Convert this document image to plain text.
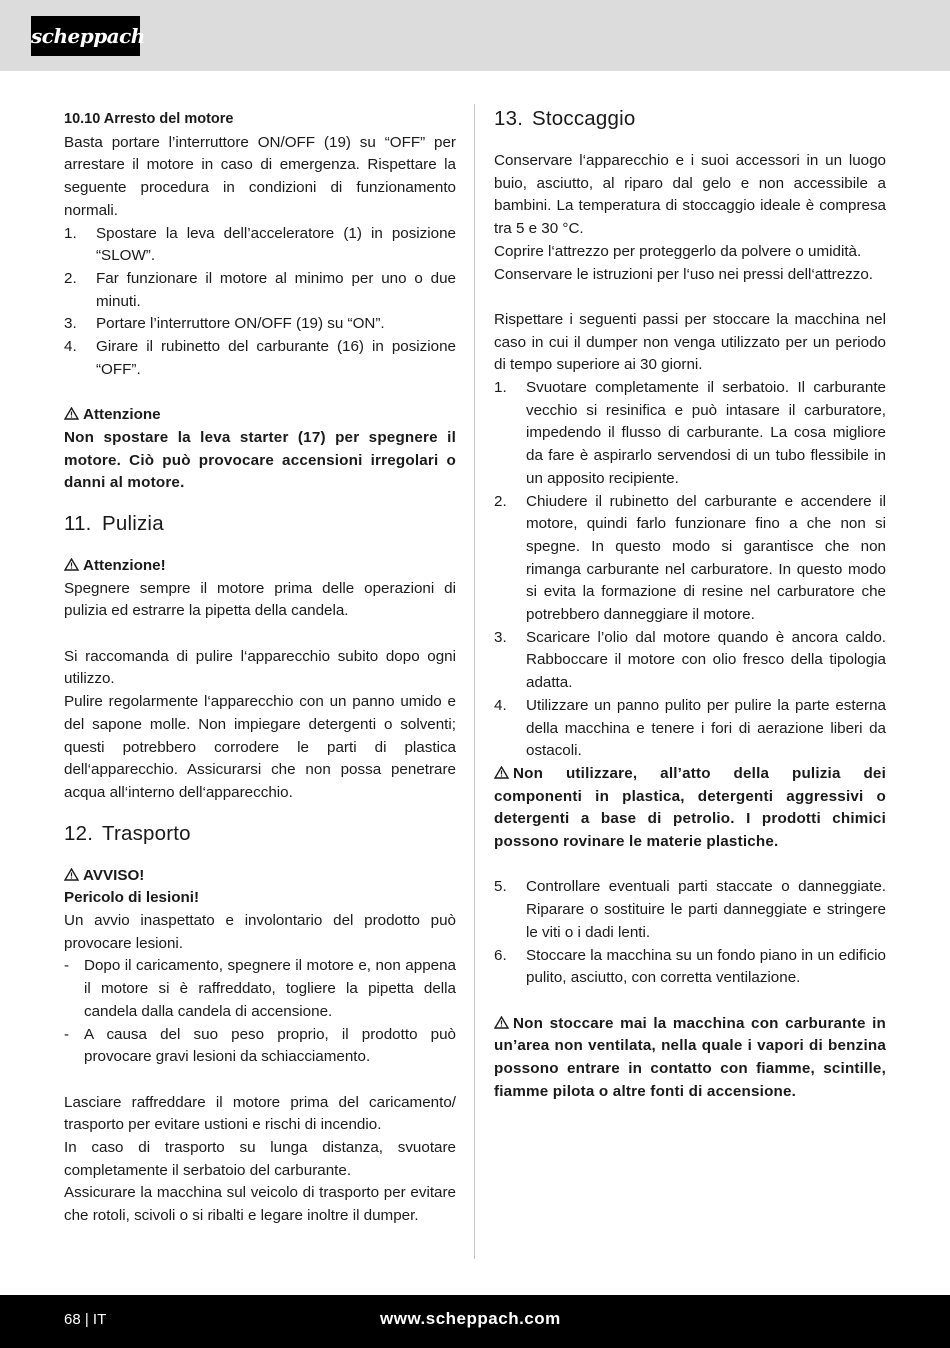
scheppach
10.10 Arresto del motore

Basta portare l’interruttore ON/OFF (19) su “OFF” per arrestare il motore in caso di emergenza. Rispettare la seguente procedura in condizioni di funzionamento normali.

1. Spostare la leva dell’acceleratore (1) in posizione “SLOW”.
2. Far funzionare il motore al minimo per uno o due minuti.
3. Portare l’interruttore ON/OFF (19) su “ON”.
4. Girare il rubinetto del carburante (16) in posizione “OFF”.
Attenzione

Non spostare la leva starter (17) per spegnere il motore. Ciò può provocare accensioni irregolari o danni al motore.

11. Pulizia
Attenzione!

Spegnere sempre il motore prima delle operazioni di pulizia ed estrarre la pipetta della candela.

Si raccomanda di pulire l‘apparecchio subito dopo ogni utilizzo.

Pulire regolarmente l‘apparecchio con un panno umido e del sapone molle. Non impiegare detergenti o solventi; questi potrebbero corrodere le parti di plastica dell‘apparecchio. Assicurarsi che non possa penetrare acqua all‘interno dell‘apparecchio.

12. Trasporto
AVVISO!
Pericolo di lesioni!

Un avvio inaspettato e involontario del prodotto può provocare lesioni.

- Dopo il caricamento, spegnere il motore e, non appena il motore si è raffreddato, togliere la pipetta della candela dalla candela di accensione.
- A causa del suo peso proprio, il prodotto può provocare gravi lesioni da schiacciamento.

Lasciare raffreddare il motore prima del caricamento/ trasporto per evitare ustioni e rischi di incendio.

In caso di trasporto su lunga distanza, svuotare completamente il serbatoio del carburante.

Assicurare la macchina sul veicolo di trasporto per evitare che rotoli, scivoli o si ribalti e legare inoltre il dumper.

13. Stoccaggio

Conservare l‘apparecchio e i suoi accessori in un luogo buio, asciutto, al riparo dal gelo e non accessibile a bambini. La temperatura di stoccaggio ideale è compresa tra 5 e 30 °C.

Coprire l‘attrezzo per proteggerlo da polvere o umidità.

Conservare le istruzioni per l‘uso nei pressi dell‘attrezzo.

Rispettare i seguenti passi per stoccare la macchina nel caso in cui il dumper non venga utilizzato per un periodo di tempo superiore ai 30 giorni.

1. Svuotare completamente il serbatoio. Il carburante vecchio si resinifica e può intasare il carburatore, impedendo il flusso di carburante. La cosa migliore da fare è aspirarlo servendosi di un tubo flessibile in un apposito recipiente.
2. Chiudere il rubinetto del carburante e accendere il motore, quindi farlo funzionare fino a che non si spegne. In questo modo si garantisce che non rimanga carburante nel carburatore. In questo modo si evita la formazione di resine nel carburatore che potrebbero danneggiare il motore.
3. Scaricare l’olio dal motore quando è ancora caldo. Rabboccare il motore con olio fresco della tipologia adatta.
4. Utilizzare un panno pulito per pulire la parte esterna della macchina e tenere i fori di aerazione liberi da ostacoli.

Non utilizzare, all’atto della pulizia dei componenti in plastica, detergenti aggressivi o detergenti a base di petrolio. I prodotti chimici possono rovinare le materie plastiche.

5. Controllare eventuali parti staccate o danneggiate. Riparare o sostituire le parti danneggiate e stringere le viti o i dadi lenti.
6. Stoccare la macchina su un fondo piano in un edificio pulito, asciutto, con corretta ventilazione.

Non stoccare mai la macchina con carburante in un’area non ventilata, nella quale i vapori di benzina possono entrare in contatto con fiamme, scintille, fiamme pilota o altre fonti di accensione.

68 | IT	www.scheppach.com
